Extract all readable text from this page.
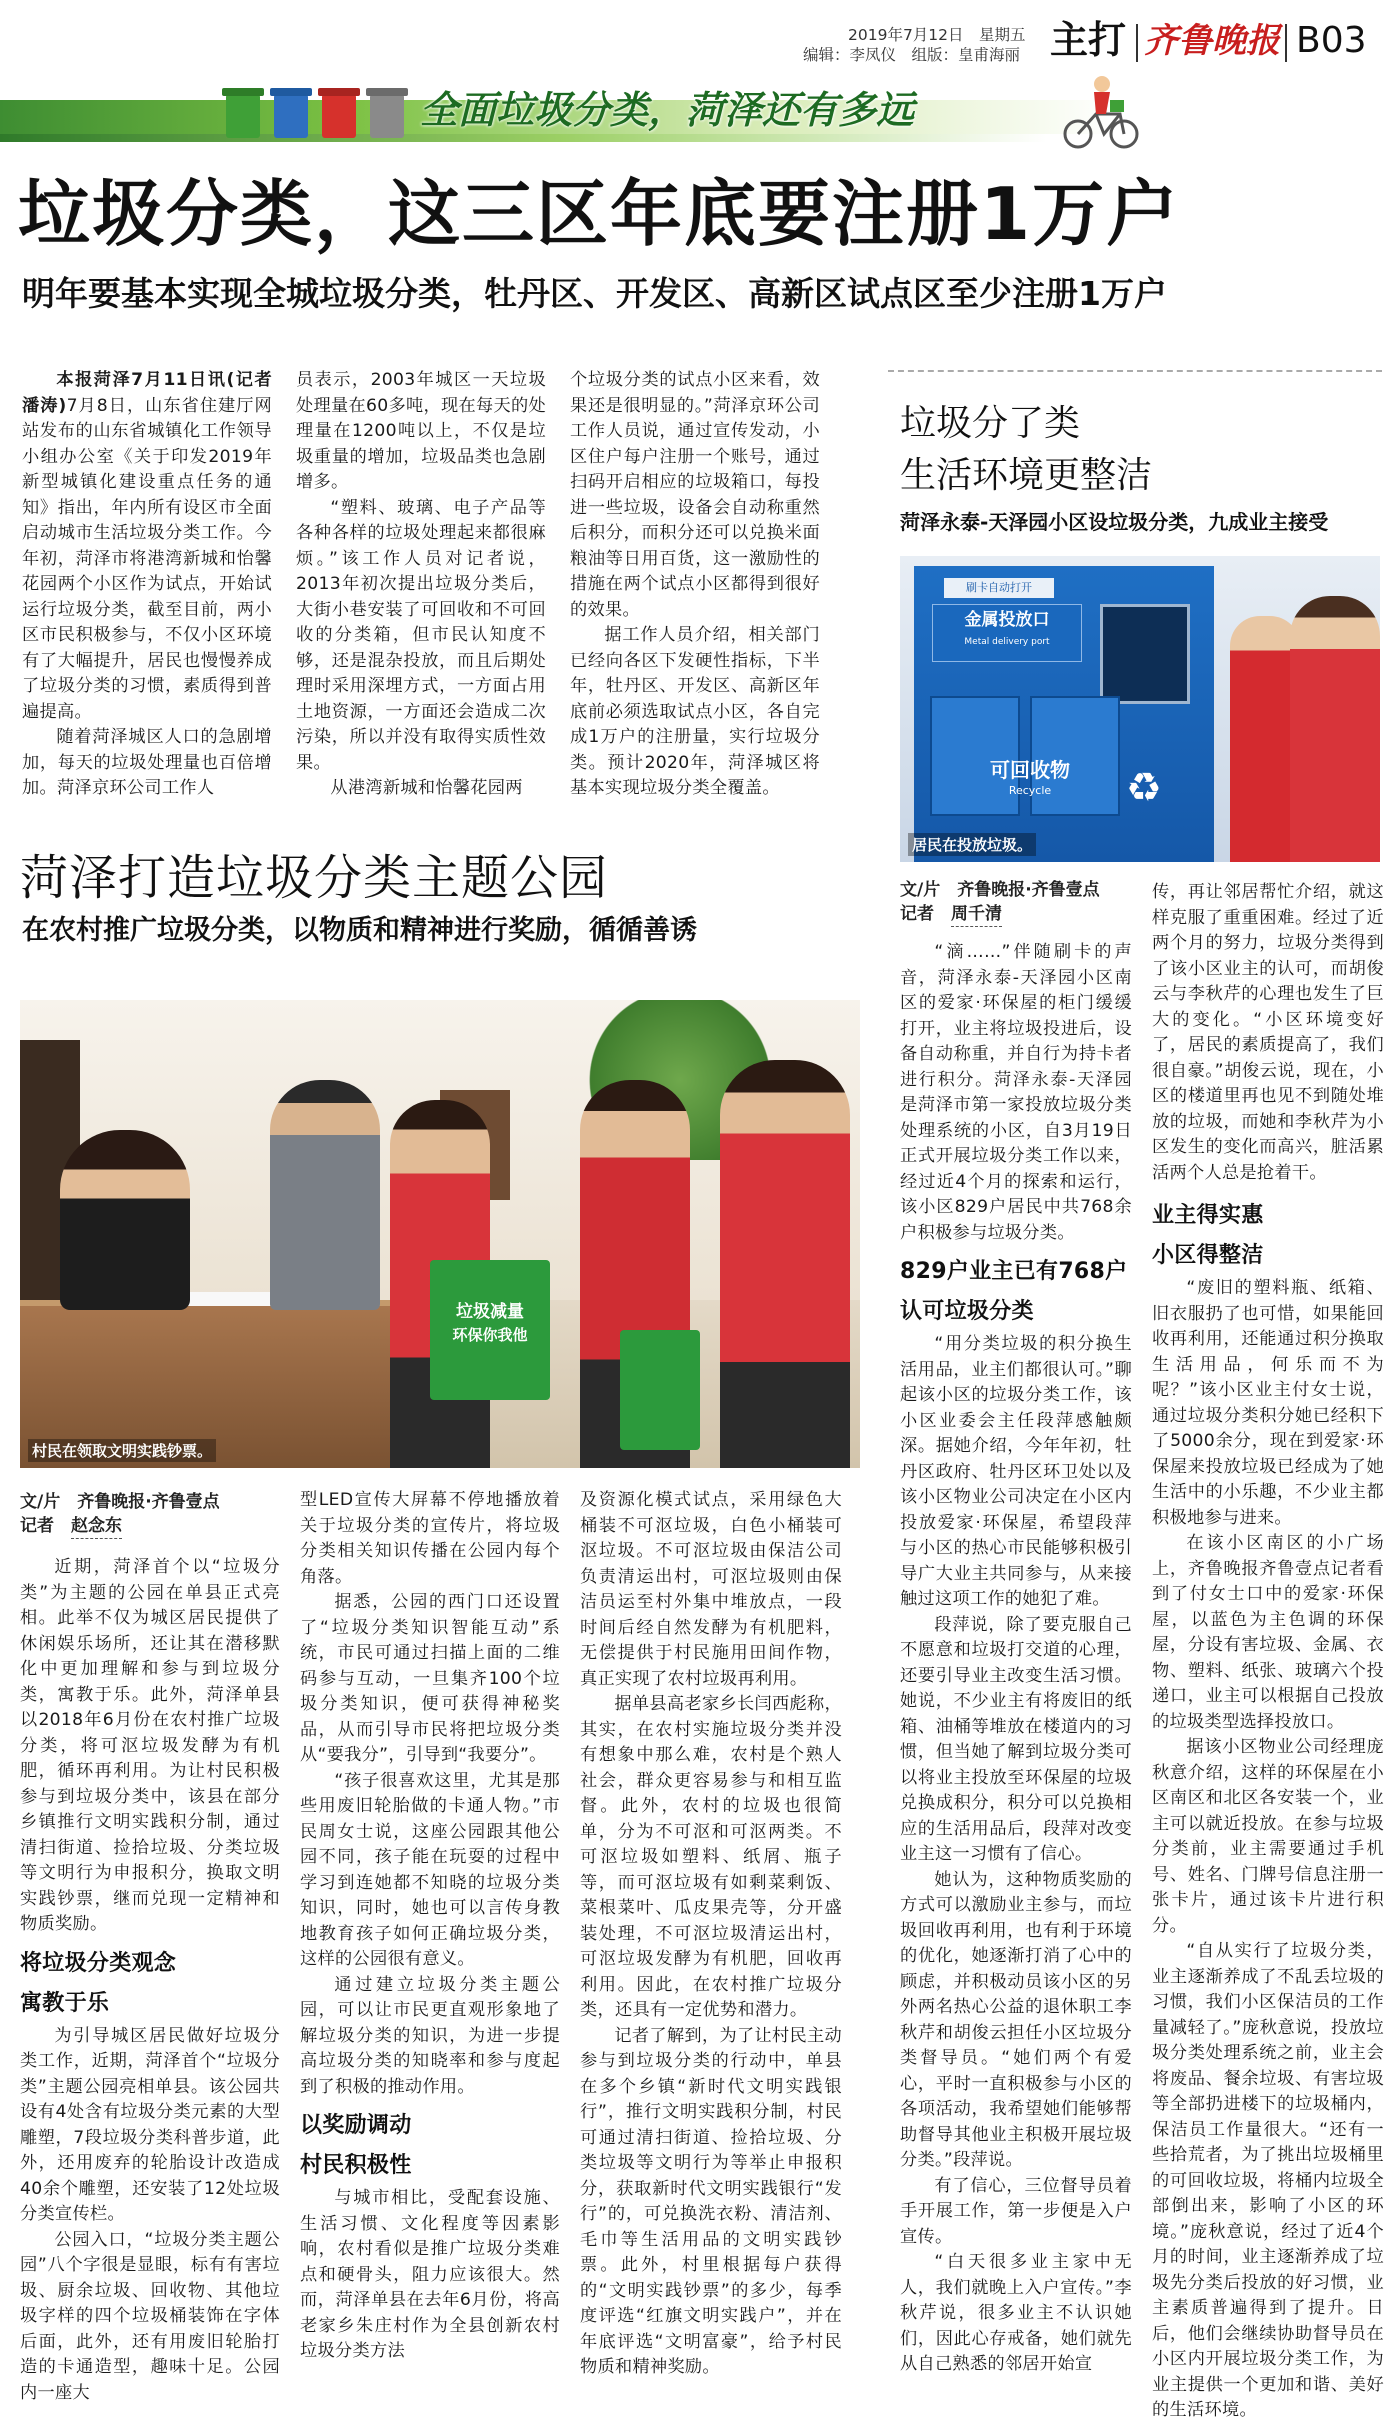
2019年7月12日　 星期五
编辑：李凤仪　组版：皇甫海丽 主打 齐鲁晚报 B03
全面垃圾分类，菏泽还有多远
垃圾分类，这三区年底要注册1万户
明年要基本实现全城垃圾分类，牡丹区、开发区、高新区试点区至少注册1万户

本报菏泽7月11日讯(记者　潘涛)7月8日，山东省住建厅网站发布的山东省城镇化工作领导小组办公室《关于印发2019年新型城镇化建设重点任务的通知》指出，年内所有设区市全面启动城市生活垃圾分类工作。今年初，菏泽市将港湾新城和怡馨花园两个小区作为试点，开始试运行垃圾分类，截至目前，两小区市民积极参与，不仅小区环境有了大幅提升，居民也慢慢养成了垃圾分类的习惯，素质得到普遍提高。

随着菏泽城区人口的急剧增加，每天的垃圾处理量也百倍增加。菏泽京环公司工作人

员表示，2003年城区一天垃圾处理量在60多吨，现在每天的处理量在1200吨以上，不仅是垃圾重量的增加，垃圾品类也急剧增多。

“塑料、玻璃、电子产品等各种各样的垃圾处理起来都很麻烦。”该工作人员对记者说，2013年初次提出垃圾分类后，大街小巷安装了可回收和不可回收的分类箱，但市民认知度不够，还是混杂投放，而且后期处理时采用深埋方式，一方面占用土地资源，一方面还会造成二次污染，所以并没有取得实质性效果。

从港湾新城和怡馨花园两

个垃圾分类的试点小区来看，效果还是很明显的。”菏泽京环公司工作人员说，通过宣传发动，小区住户每户注册一个账号，通过扫码开启相应的垃圾箱口，每投进一些垃圾，设备会自动称重然后积分，而积分还可以兑换米面粮油等日用百货，这一激励性的措施在两个试点小区都得到很好的效果。

据工作人员介绍，相关部门已经向各区下发硬性指标，下半年，牡丹区、开发区、高新区年底前必须选取试点小区，各自完成1万户的注册量，实行垃圾分类。预计2020年，菏泽城区将基本实现垃圾分类全覆盖。

垃圾分了类
生活环境更整洁
菏泽永泰-天泽园小区设垃圾分类，九成业主接受
刷卡自动打开
金属投放口
Metal delivery port
可回收物
Recycle	♻
居民在投放垃圾。
文/片　 齐鲁晚报·齐鲁壹点
记者　 周千清

“滴……”伴随刷卡的声音，菏泽永泰-天泽园小区南区的爱家·环保屋的柜门缓缓打开，业主将垃圾投进后，设备自动称重，并自行为持卡者进行积分。菏泽永泰-天泽园是菏泽市第一家投放垃圾分类处理系统的小区，自3月19日正式开展垃圾分类工作以来，经过近4个月的探索和运行，该小区829户居民中共768余户积极参与垃圾分类。

829户业主已有768户
认可垃圾分类

“用分类垃圾的积分换生活用品，业主们都很认可。”聊起该小区的垃圾分类工作，该小区业委会主任段萍感触颇深。据她介绍，今年年初，牡丹区政府、牡丹区环卫处以及该小区物业公司决定在小区内投放爱家·环保屋，希望段萍与小区的热心市民能够积极引导广大业主共同参与，从来接触过这项工作的她犯了难。

段萍说，除了要克服自己不愿意和垃圾打交道的心理，还要引导业主改变生活习惯。她说，不少业主有将废旧的纸箱、油桶等堆放在楼道内的习惯，但当她了解到垃圾分类可以将业主投放至环保屋的垃圾兑换成积分，积分可以兑换相应的生活用品后，段萍对改变业主这一习惯有了信心。

她认为，这种物质奖励的方式可以激励业主参与，而垃圾回收再利用，也有利于环境的优化，她逐渐打消了心中的顾虑，并积极动员该小区的另外两名热心公益的退休职工李秋芹和胡俊云担任小区垃圾分类督导员。“她们两个有爱心，平时一直积极参与小区的各项活动，我希望她们能够帮助督导其他业主积极开展垃圾分类。”段萍说。

有了信心，三位督导员着手开展工作，第一步便是入户宣传。

“白天很多业主家中无人，我们就晚上入户宣传。”李秋芹说，很多业主不认识她们，因此心存戒备，她们就先从自己熟悉的邻居开始宣

传，再让邻居帮忙介绍，就这样克服了重重困难。经过了近两个月的努力，垃圾分类得到了该小区业主的认可，而胡俊云与李秋芹的心理也发生了巨大的变化。“小区环境变好了，居民的素质提高了，我们很自豪。”胡俊云说，现在，小区的楼道里再也见不到随处堆放的垃圾，而她和李秋芹为小区发生的变化而高兴，脏活累活两个人总是抢着干。

业主得实惠
小区得整洁

“废旧的塑料瓶、纸箱、旧衣服扔了也可惜，如果能回收再利用，还能通过积分换取生活用品，何乐而不为呢？”该小区业主付女士说，通过垃圾分类积分她已经积下了5000余分，现在到爱家·环保屋来投放垃圾已经成为了她生活中的小乐趣，不少业主都积极地参与进来。

在该小区南区的小广场上，齐鲁晚报齐鲁壹点记者看到了付女士口中的爱家·环保屋，以蓝色为主色调的环保屋，分设有害垃圾、金属、衣物、塑料、纸张、玻璃六个投递口，业主可以根据自己投放的垃圾类型选择投放口。

据该小区物业公司经理庞秋意介绍，这样的环保屋在小区南区和北区各安装一个，业主可以就近投放。在参与垃圾分类前，业主需要通过手机号、姓名、门牌号信息注册一张卡片，通过该卡片进行积分。

“自从实行了垃圾分类，业主逐渐养成了不乱丢垃圾的习惯，我们小区保洁员的工作量减轻了。”庞秋意说，投放垃圾分类处理系统之前，业主会将废品、餐余垃圾、有害垃圾等全部扔进楼下的垃圾桶内，保洁员工作量很大。“还有一些拾荒者，为了挑出垃圾桶里的可回收垃圾，将桶内垃圾全部倒出来，影响了小区的环境。”庞秋意说，经过了近4个月的时间，业主逐渐养成了垃圾先分类后投放的好习惯，业主素质普遍得到了提升。日后，他们会继续协助督导员在小区内开展垃圾分类工作，为业主提供一个更加和谐、美好的生活环境。

菏泽打造垃圾分类主题公园
在农村推广垃圾分类，以物质和精神进行奖励，循循善诱
垃圾减量
环保你我他
村民在领取文明实践钞票。
文/片　 齐鲁晚报·齐鲁壹点
记者　 赵念东

近期，菏泽首个以“垃圾分类”为主题的公园在单县正式亮相。此举不仅为城区居民提供了休闲娱乐场所，还让其在潜移默化中更加理解和参与到垃圾分类，寓教于乐。此外，菏泽单县以2018年6月份在农村推广垃圾分类，将可沤垃圾发酵为有机肥，循环再利用。为让村民积极参与到垃圾分类中，该县在部分乡镇推行文明实践积分制，通过清扫街道、捡拾垃圾、分类垃圾等文明行为申报积分，换取文明实践钞票，继而兑现一定精神和物质奖励。

将垃圾分类观念
寓教于乐

为引导城区居民做好垃圾分类工作，近期，菏泽首个“垃圾分类”主题公园亮相单县。该公园共设有4处含有垃圾分类元素的大型雕塑，7段垃圾分类科普步道，此外，还用废弃的轮胎设计改造成40余个雕塑，还安装了12处垃圾分类宣传栏。

公园入口，“垃圾分类主题公园”八个字很是显眼，标有有害垃圾、厨余垃圾、回收物、其他垃圾字样的四个垃圾桶装饰在字体后面，此外，还有用废旧轮胎打造的卡通造型，趣味十足。公园内一座大

型LED宣传大屏幕不停地播放着关于垃圾分类的宣传片，将垃圾分类相关知识传播在公园内每个角落。

据悉，公园的西门口还设置了“垃圾分类知识智能互动”系统，市民可通过扫描上面的二维码参与互动，一旦集齐100个垃圾分类知识，便可获得神秘奖品，从而引导市民将把垃圾分类从“要我分”，引导到“我要分”。

“孩子很喜欢这里，尤其是那些用废旧轮胎做的卡通人物。”市民周女士说，这座公园跟其他公园不同，孩子能在玩耍的过程中学习到连她都不知晓的垃圾分类知识，同时，她也可以言传身教地教育孩子如何正确垃圾分类，这样的公园很有意义。

通过建立垃圾分类主题公园，可以让市民更直观形象地了解垃圾分类的知识，为进一步提高垃圾分类的知晓率和参与度起到了积极的推动作用。

以奖励调动
村民积极性

与城市相比，受配套设施、生活习惯、文化程度等因素影响，农村看似是推广垃圾分类难点和硬骨头，阻力应该很大。然而，菏泽单县在去年6月份，将高老家乡朱庄村作为全县创新农村垃圾分类方法

及资源化模式试点，采用绿色大桶装不可沤垃圾，白色小桶装可沤垃圾。不可沤垃圾由保洁公司负责清运出村，可沤垃圾则由保洁员运至村外集中堆放点，一段时间后经自然发酵为有机肥料，无偿提供于村民施用田间作物，真正实现了农村垃圾再利用。

据单县高老家乡长闫西彪称，其实，在农村实施垃圾分类并没有想象中那么难，农村是个熟人社会，群众更容易参与和相互监督。此外，农村的垃圾也很简单，分为不可沤和可沤两类。不可沤垃圾如塑料、纸屑、瓶子等，而可沤垃圾有如剩菜剩饭、菜根菜叶、瓜皮果壳等，分开盛装处理，不可沤垃圾清运出村，可沤垃圾发酵为有机肥，回收再利用。因此，在农村推广垃圾分类，还具有一定优势和潜力。

记者了解到，为了让村民主动参与到垃圾分类的行动中，单县在多个乡镇“新时代文明实践银行”，推行文明实践积分制，村民可通过清扫街道、捡拾垃圾、分类垃圾等文明行为等举止申报积分，获取新时代文明实践银行“发行”的，可兑换洗衣粉、清洁剂、毛巾等生活用品的文明实践钞票。此外，村里根据每户获得的“文明实践钞票”的多少，每季度评选“红旗文明实践户”，并在年底评选“文明富豪”，给予村民物质和精神奖励。
